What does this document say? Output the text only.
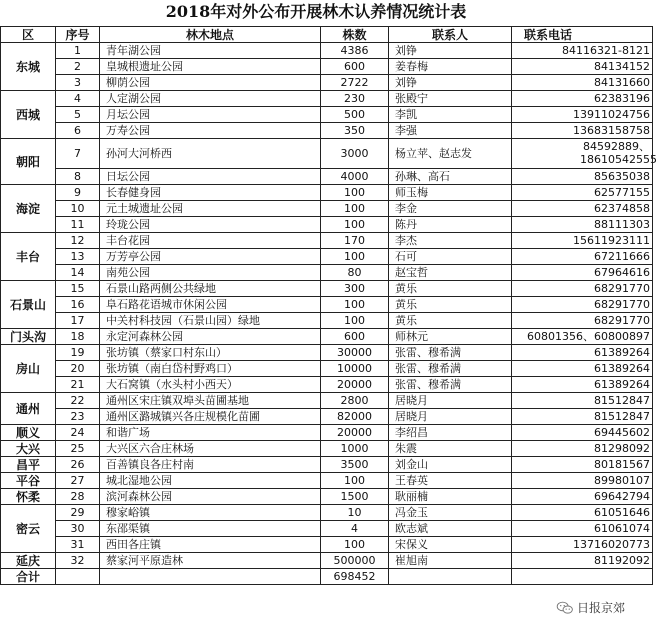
2018年对外公布开展林木认养情况统计表
区	序号	林木地点	株数	联系人	联系电话
东城	1	青年湖公园	4386	刘铮	84116321-8121
	2	皇城根遗址公园	600	姜春梅	84134152
	3	柳荫公园	2722	刘铮	84131660
西城	4	人定湖公园	230	张殿宁	62383196
	5	月坛公园	500	李凯	13911024756
	6	万寿公园	350	李强	13683158758
朝阳	7	孙河大河桥西	3000	杨立苹、赵志发	84592889、18610542555
	8	日坛公园	4000	孙琳、高石	85635038
海淀	9	长春健身园	100	师玉梅	62577155
	10	元土城遗址公园	100	李金	62374858
	11	玲珑公园	100	陈丹	88111303
丰台	12	丰台花园	170	李杰	15611923111
	13	万芳亭公园	100	石可	67211666
	14	南苑公园	80	赵宝哲	67964616
石景山	15	石景山路两侧公共绿地	300	黄乐	68291770
	16	阜石路花语城市休闲公园	100	黄乐	68291770
	17	中关村科技园（石景山园）绿地	100	黄乐	68291770
门头沟	18	永定河森林公园	600	师林元	60801356、60800897
房山	19	张坊镇（蔡家口村东山）	30000	张雷、穆希满	61389264
	20	张坊镇（南白岱村野鸡口）	10000	张雷、穆希满	61389264
	21	大石窝镇（水头村小西天）	20000	张雷、穆希满	61389264
通州	22	通州区宋庄镇双埠头苗圃基地	2800	居晓月	81512847
	23	通州区潞城镇兴各庄规模化苗圃	82000	居晓月	81512847
顺义	24	和谐广场	20000	李绍昌	69445602
大兴	25	大兴区六合庄林场	1000	朱震	81298092
昌平	26	百善镇良各庄村南	3500	刘金山	80181567
平谷	27	城北湿地公园	100	王春英	89980107
怀柔	28	滨河森林公园	1500	耿丽楠	69642794
密云	29	穆家峪镇	10	冯金玉	61051646
	30	东邵渠镇	4	欧志斌	61061074
	31	西田各庄镇	100	宋保义	13716020773
延庆	32	蔡家河平原造林	500000	崔旭南	81192092
合计			698452		
日报京郊
